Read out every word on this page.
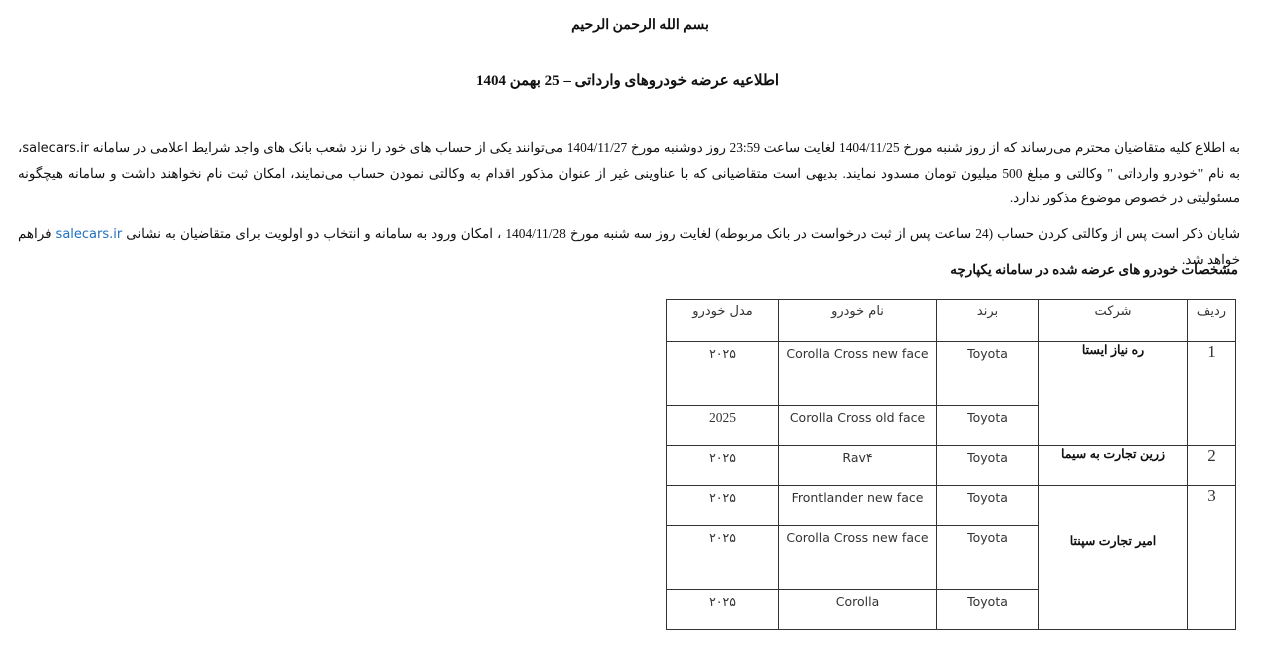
بسم الله الرحمن الرحیم
اطلاعیه عرضه خودروهای وارداتی – 25 بهمن 1404
به اطلاع کلیه متقاضیان محترم می‌رساند که از روز شنبه مورخ 1404/11/25 لغایت ساعت 23:59 روز دوشنبه مورخ 1404/11/27 می‌توانند یکی از حساب های خود را نزد شعب بانک های واجد شرایط اعلامی در سامانه salecars.ir، به نام "خودرو وارداتی " وکالتی و مبلغ 500 میلیون تومان مسدود نمایند. بدیهی است متقاضیانی که با عناوینی غیر از عنوان مذکور اقدام به وکالتی نمودن حساب می‌نمایند، امکان ثبت نام نخواهند داشت و سامانه هیچگونه مسئولیتی در خصوص موضوع مذکور ندارد.
شایان ذکر است پس از وکالتی کردن حساب (24 ساعت پس از ثبت درخواست در بانک مربوطه) لغایت روز سه شنبه مورخ 1404/11/28 ، امکان ورود به سامانه و انتخاب دو اولویت برای متقاضیان به نشانی salecars.ir فراهم خواهد شد.
مشخصات خودرو های عرضه شده در سامانه یکپارچه
ردیف	شرکت	برند	نام خودرو	مدل خودرو
1	ره نیاز ایستا	Toyota	Corolla Cross new face	۲۰۲۵
		Toyota	Corolla Cross old face	2025
2	زرین تجارت به سیما	Toyota	Rav۴	۲۰۲۵
3	امیر تجارت سپنتا	Toyota	Frontlander new face	۲۰۲۵
		Toyota	Corolla Cross new face	۲۰۲۵
		Toyota	Corolla	۲۰۲۵
